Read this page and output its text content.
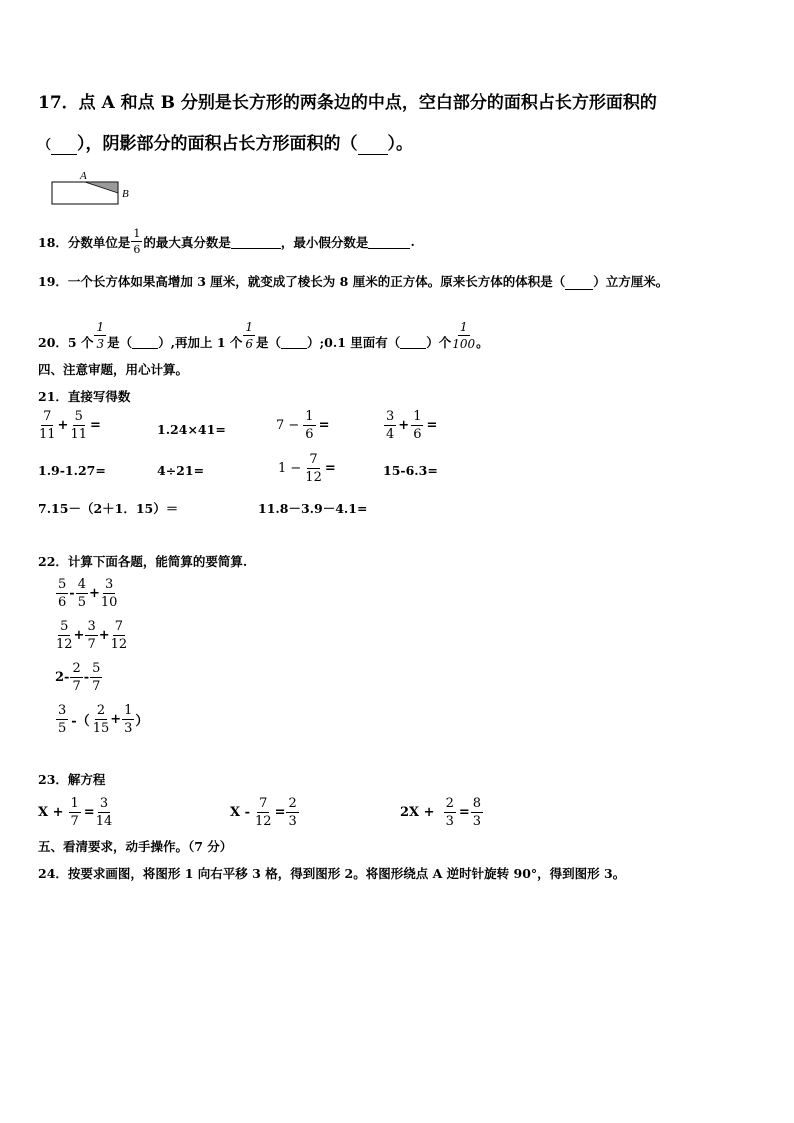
17．点 A 和点 B 分别是长方形的两条边的中点，空白部分的面积占长方形面积的
（
），阴影部分的面积占长方形面积的（
）。
A
B
18．分数单位是 $\frac{1}{6}$ 的最大真分数是	，最小假分数是	.
19．一个长方体如果高增加 3 厘米，就变成了棱长为 8 厘米的正方体。原来长方体的体积是（
）立方厘米。
20．5 个 $\frac{1}{3}$ 是（ ）,再加上 1 个 $\frac{1}{6}$ 是（ ）;0.1 里面有（ ）个 $\frac{1}{100}$ 。
四、注意审题，用心计算。
21．直接写得数
$\frac{7}{11} + \frac{5}{11}$ =	1.24×41=	$7 - \frac{1}{6}$ =	$\frac{3}{4} + \frac{1}{6}$ =
1.9-1.27=	4÷21=	$1 - \frac{7}{12}$ =	15-6.3=
7.15－（2＋1．15）＝	11.8－3.9－4.1=
22．计算下面各题，能简算的要简算.
$\frac{5}{6} - \frac{4}{5} + \frac{3}{10}$
$\frac{5}{12} + \frac{3}{7} + \frac{7}{12}$
$2- \frac{2}{7} - \frac{5}{7}$
$\frac{3}{5}$ -（ $\frac{2}{15} + \frac{1}{3}$ ）
23．解方程
$X + \frac{1}{7} = \frac{3}{14}$	$X - \frac{7}{12} = \frac{2}{3}$	$2X + \frac{2}{3} = \frac{8}{3}$
五、看清要求，动手操作。（7 分）
24．按要求画图，将图形 1 向右平移 3 格，得到图形 2。将图形绕点 A 逆时针旋转 90°，得到图形 3。
